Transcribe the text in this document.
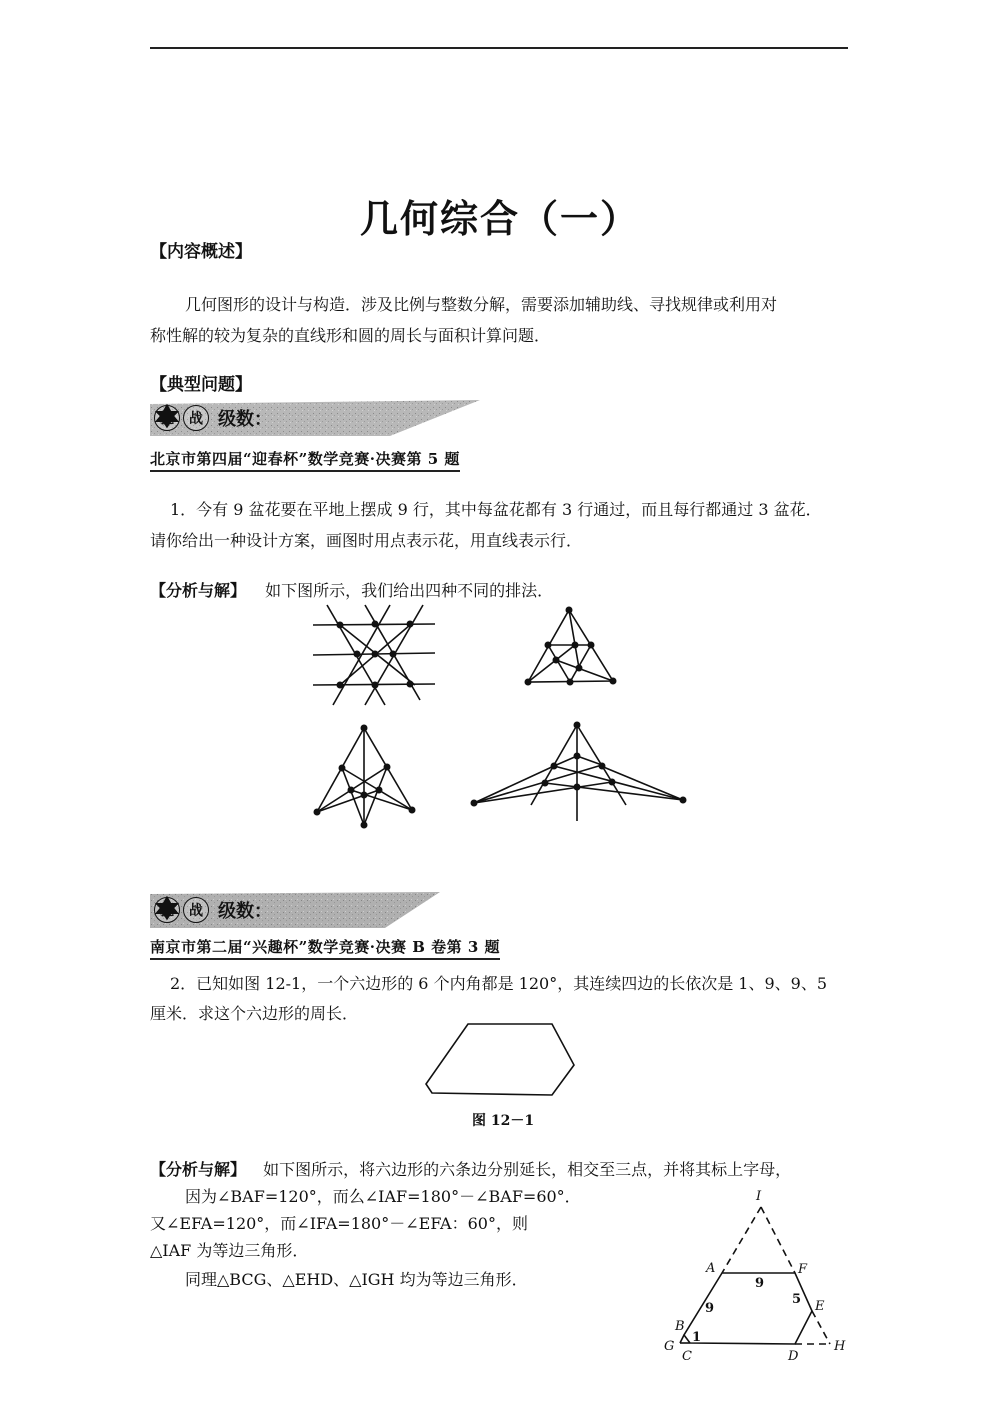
几何综合（一）
【内容概述】
几何图形的设计与构造．涉及比例与整数分解，需要添加辅助线、寻找规律或利用对
称性解的较为复杂的直线形和圆的周长与面积计算问题．
【典型问题】
战 级数：
北京市第四届“迎春杯”数学竞赛·决赛第 5 题
1．今有 9 盆花要在平地上摆成 9 行，其中每盆花都有 3 行通过，而且每行都通过 3 盆花．
请你给出一种设计方案，画图时用点表示花，用直线表示行．
【分析与解】 如下图所示，我们给出四种不同的排法．
战 级数：
南京市第二届“兴趣杯”数学竞赛·决赛 B 卷第 3 题
2．已知如图 12-1，一个六边形的 6 个内角都是 120°，其连续四边的长依次是 1、9、9、5
厘米．求这个六边形的周长．
图 12－1
【分析与解】 如下图所示，将六边形的六条边分别延长，相交至三点，并将其标上字母，
因为∠BAF=120°，而么∠IAF=180°－∠BAF=60°．
又∠EFA=120°，而∠IFA=180°－∠EFA：60°，则
△IAF 为等边三角形．
同理△BCG、△EHD、△IGH 均为等边三角形．
I
A	F
E
B
G
C	D
H
9
9
5
1
